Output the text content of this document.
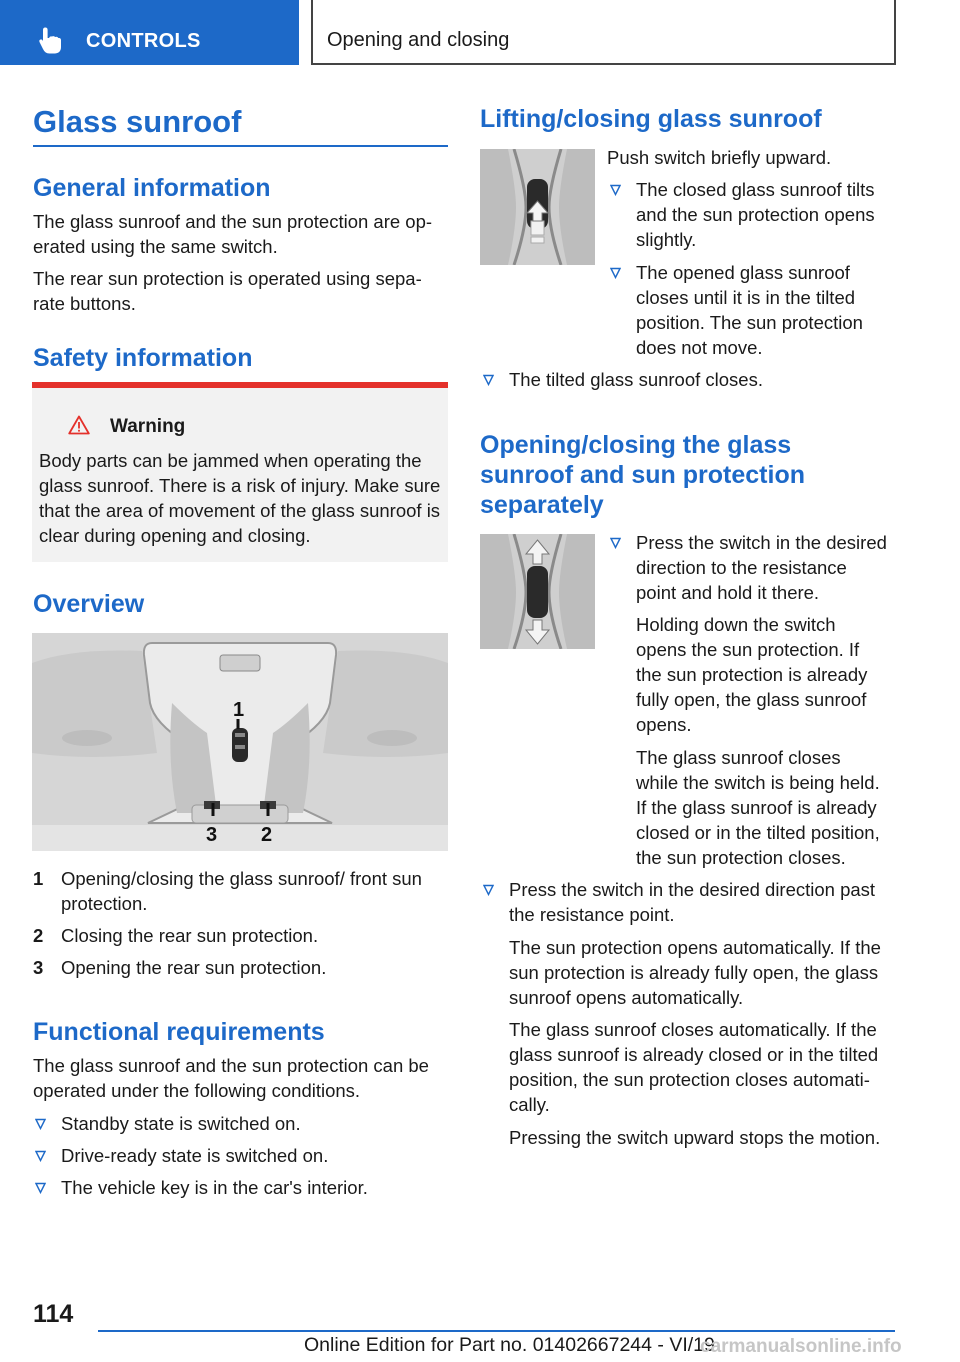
CONTROLS	Opening and closing
Glass sunroof
General information
The glass sunroof and the sun protection are op‐
erated using the same switch.
The rear sun protection is operated using sepa‐
rate buttons.
Safety information
Warning
Body parts can be jammed when operating the glass sunroof. There is a risk of injury. Make sure that the area of movement of the glass sunroof is clear during opening and closing.
Overview
1
2
3
1 Opening/closing the glass sunroof/ front sun
protection.
2 Closing the rear sun protection.
3 Opening the rear sun protection.
Functional requirements
The glass sunroof and the sun protection can be
operated under the following conditions.
Standby state is switched on.
Drive-ready state is switched on.
The vehicle key is in the car's interior.
Lifting/closing glass sunroof
Push switch briefly upward.
The closed glass sunroof tilts
and the sun protection opens
slightly.
The opened glass sunroof
closes until it is in the tilted
position. The sun protection
does not move.
The tilted glass sunroof closes.
Opening/closing the glass
sunroof and sun protection
separately
Press the switch in the desired
direction to the resistance
point and hold it there.
Holding down the switch
opens the sun protection. If
the sun protection is already
fully open, the glass sunroof
opens.
The glass sunroof closes
while the switch is being held.
If the glass sunroof is already
closed or in the tilted position,
the sun protection closes.
Press the switch in the desired direction past
the resistance point.
The sun protection opens automatically. If the
sun protection is already fully open, the glass
sunroof opens automatically.
The glass sunroof closes automatically. If the
glass sunroof is already closed or in the tilted
position, the sun protection closes automati‐
cally.
Pressing the switch upward stops the motion.
114
Online Edition for Part no. 01402667244 - VI/19
carmanualsonline.info
